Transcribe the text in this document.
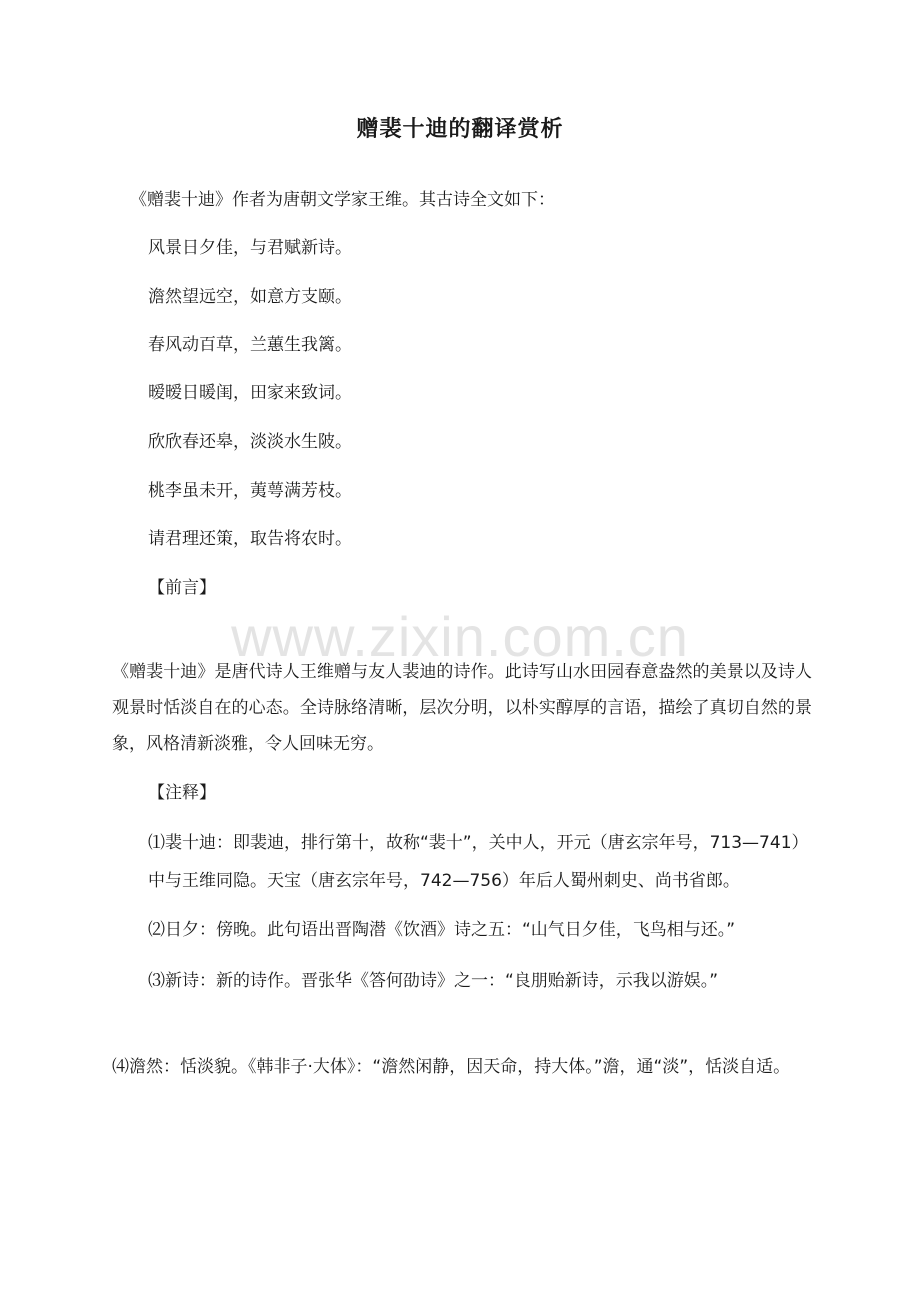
赠裴十迪的翻译赏析
《赠裴十迪》作者为唐朝文学家王维。其古诗全文如下：
风景日夕佳，与君赋新诗。
澹然望远空，如意方支颐。
春风动百草，兰蕙生我篱。
暧暧日暖闺，田家来致词。
欣欣春还皋，淡淡水生陂。
桃李虽未开，荑萼满芳枝。
请君理还策，取告将农时。
【前言】
www.zixin.com.cn
《赠裴十迪》是唐代诗人王维赠与友人裴迪的诗作。此诗写山水田园春意盎然的美景以及诗人观景时恬淡自在的心态。全诗脉络清晰，层次分明，以朴实醇厚的言语，描绘了真切自然的景象，风格清新淡雅，令人回味无穷。
【注释】
⑴裴十迪：即裴迪，排行第十，故称“裴十”，关中人，开元（唐玄宗年号，713—741）中与王维同隐。天宝（唐玄宗年号，742—756）年后人蜀州刺史、尚书省郎。
⑵日夕：傍晚。此句语出晋陶潜《饮酒》诗之五：“山气日夕佳，飞鸟相与还。”
⑶新诗：新的诗作。晋张华《答何劭诗》之一：“良朋贻新诗，示我以游娱。”
⑷澹然：恬淡貌。《韩非子·大体》：“澹然闲静，因天命，持大体。”澹，通“淡”，恬淡自适。
